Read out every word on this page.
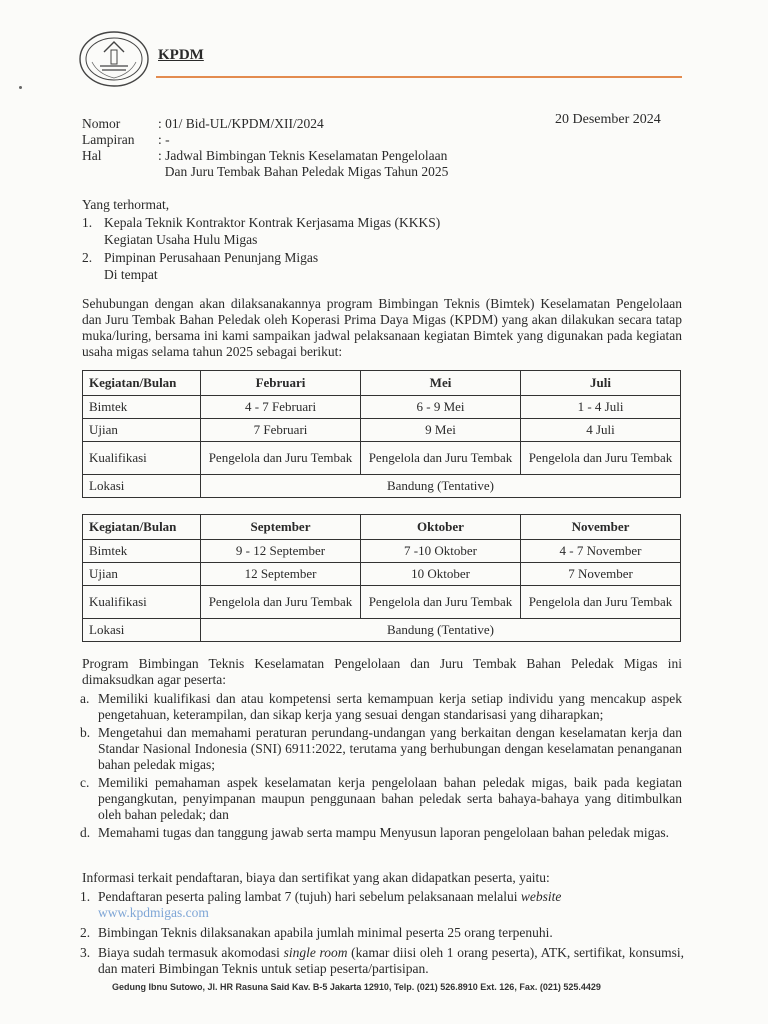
KPDM
20 Desember 2024
Nomor	: 01/ Bid-UL/KPDM/XII/2024
Lampiran	: -
Hal	: Jadwal Bimbingan Teknis Keselamatan Pengelolaan
Dan Juru Tembak Bahan Peledak Migas Tahun 2025
Yang terhormat,
1. Kepala Teknik Kontraktor Kontrak Kerjasama Migas (KKKS)
Kegiatan Usaha Hulu Migas
2. Pimpinan Perusahaan Penunjang Migas
Di tempat
Sehubungan dengan akan dilaksanakannya program Bimbingan Teknis (Bimtek) Keselamatan Pengelolaan dan Juru Tembak Bahan Peledak oleh Koperasi Prima Daya Migas (KPDM) yang akan dilakukan secara tatap muka/luring, bersama ini kami sampaikan jadwal pelaksanaan kegiatan Bimtek yang digunakan pada kegiatan usaha migas selama tahun 2025 sebagai berikut:
Kegiatan/Bulan	Februari	Mei	Juli
Bimtek	4 - 7 Februari	6 - 9 Mei	1 - 4 Juli
Ujian	7 Februari	9 Mei	4 Juli
Kualifikasi	Pengelola dan Juru Tembak	Pengelola dan Juru Tembak	Pengelola dan Juru Tembak
Lokasi	Bandung (Tentative)		
Kegiatan/Bulan	September	Oktober	November
Bimtek	9 - 12 September	7 -10 Oktober	4 - 7 November
Ujian	12 September	10 Oktober	7 November
Kualifikasi	Pengelola dan Juru Tembak	Pengelola dan Juru Tembak	Pengelola dan Juru Tembak
Lokasi	Bandung (Tentative)		
Program Bimbingan Teknis Keselamatan Pengelolaan dan Juru Tembak Bahan Peledak Migas ini dimaksudkan agar peserta:
a. Memiliki kualifikasi dan atau kompetensi serta kemampuan kerja setiap individu yang mencakup aspek pengetahuan, keterampilan, dan sikap kerja yang sesuai dengan standarisasi yang diharapkan;
b. Mengetahui dan memahami peraturan perundang-undangan yang berkaitan dengan keselamatan kerja dan Standar Nasional Indonesia (SNI) 6911:2022, terutama yang berhubungan dengan keselamatan penanganan bahan peledak migas;
c. Memiliki pemahaman aspek keselamatan kerja pengelolaan bahan peledak migas, baik pada kegiatan pengangkutan, penyimpanan maupun penggunaan bahan peledak serta bahaya-bahaya yang ditimbulkan oleh bahan peledak; dan
d. Memahami tugas dan tanggung jawab serta mampu Menyusun laporan pengelolaan bahan peledak migas.
Informasi terkait pendaftaran, biaya dan sertifikat yang akan didapatkan peserta, yaitu:
1. Pendaftaran peserta paling lambat 7 (tujuh) hari sebelum pelaksanaan melalui website
www.kpdmigas.com
2. Bimbingan Teknis dilaksanakan apabila jumlah minimal peserta 25 orang terpenuhi.
3. Biaya sudah termasuk akomodasi single room (kamar diisi oleh 1 orang peserta), ATK, sertifikat, konsumsi, dan materi Bimbingan Teknis untuk setiap peserta/partisipan.
Gedung Ibnu Sutowo, Jl. HR Rasuna Said Kav. B-5 Jakarta 12910, Telp. (021) 526.8910 Ext. 126, Fax. (021) 525.4429
